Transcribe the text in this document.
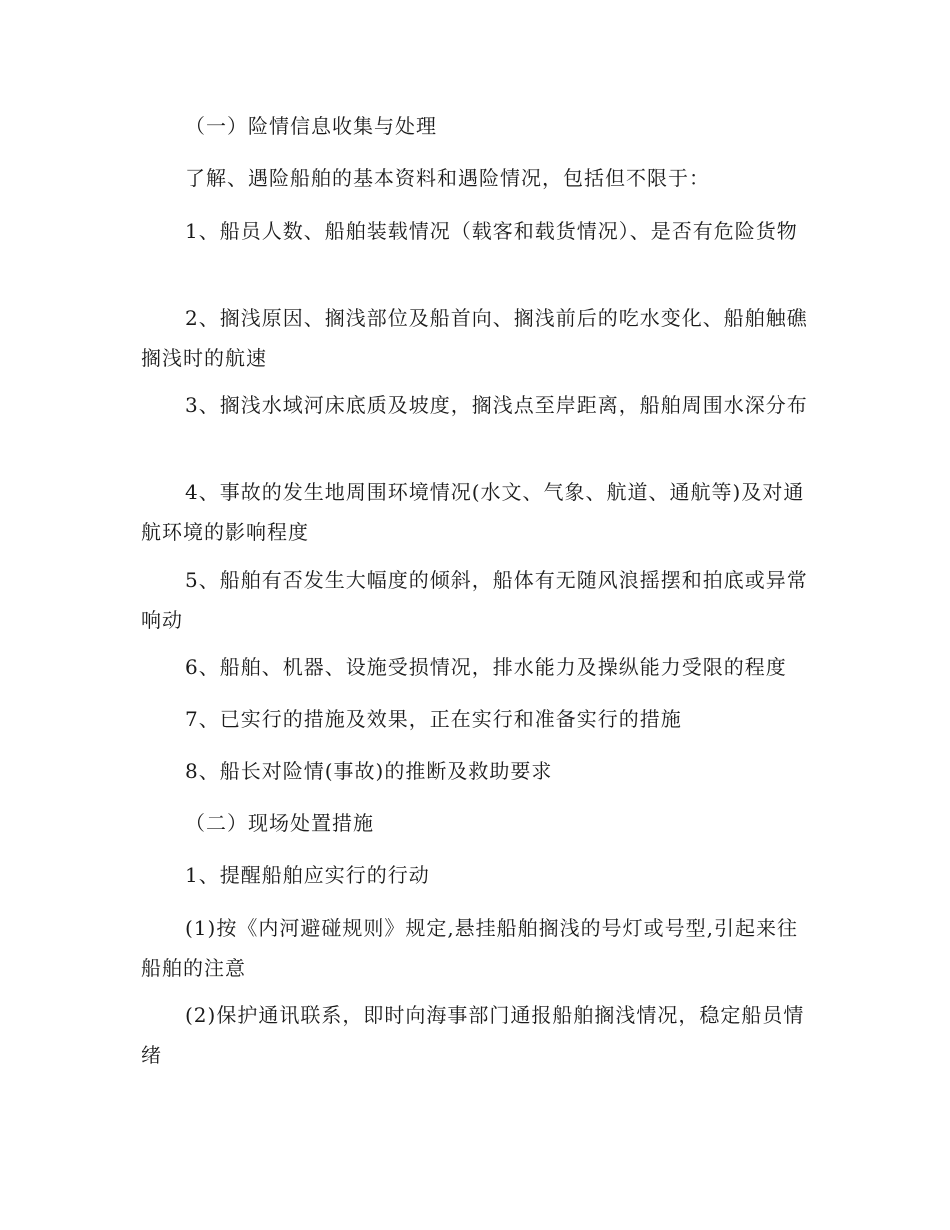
（一）险情信息收集与处理

了解、遇险船舶的基本资料和遇险情况，包括但不限于：

1、船员人数、船舶装载情况（载客和载货情况）、是否有危险货物

2、搁浅原因、搁浅部位及船首向、搁浅前后的吃水变化、船舶触礁搁浅时的航速

3、搁浅水域河床底质及坡度，搁浅点至岸距离，船舶周围水深分布

4、事故的发生地周围环境情况(水文、气象、航道、通航等)及对通航环境的影响程度

5、船舶有否发生大幅度的倾斜，船体有无随风浪摇摆和拍底或异常响动

6、船舶、机器、设施受损情况，排水能力及操纵能力受限的程度

7、已实行的措施及效果，正在实行和准备实行的措施

8、船长对险情(事故)的推断及救助要求

（二）现场处置措施

1、提醒船舶应实行的行动

(1)按《内河避碰规则》规定,悬挂船舶搁浅的号灯或号型,引起来往船舶的注意

(2)保护通讯联系，即时向海事部门通报船舶搁浅情况，稳定船员情绪
